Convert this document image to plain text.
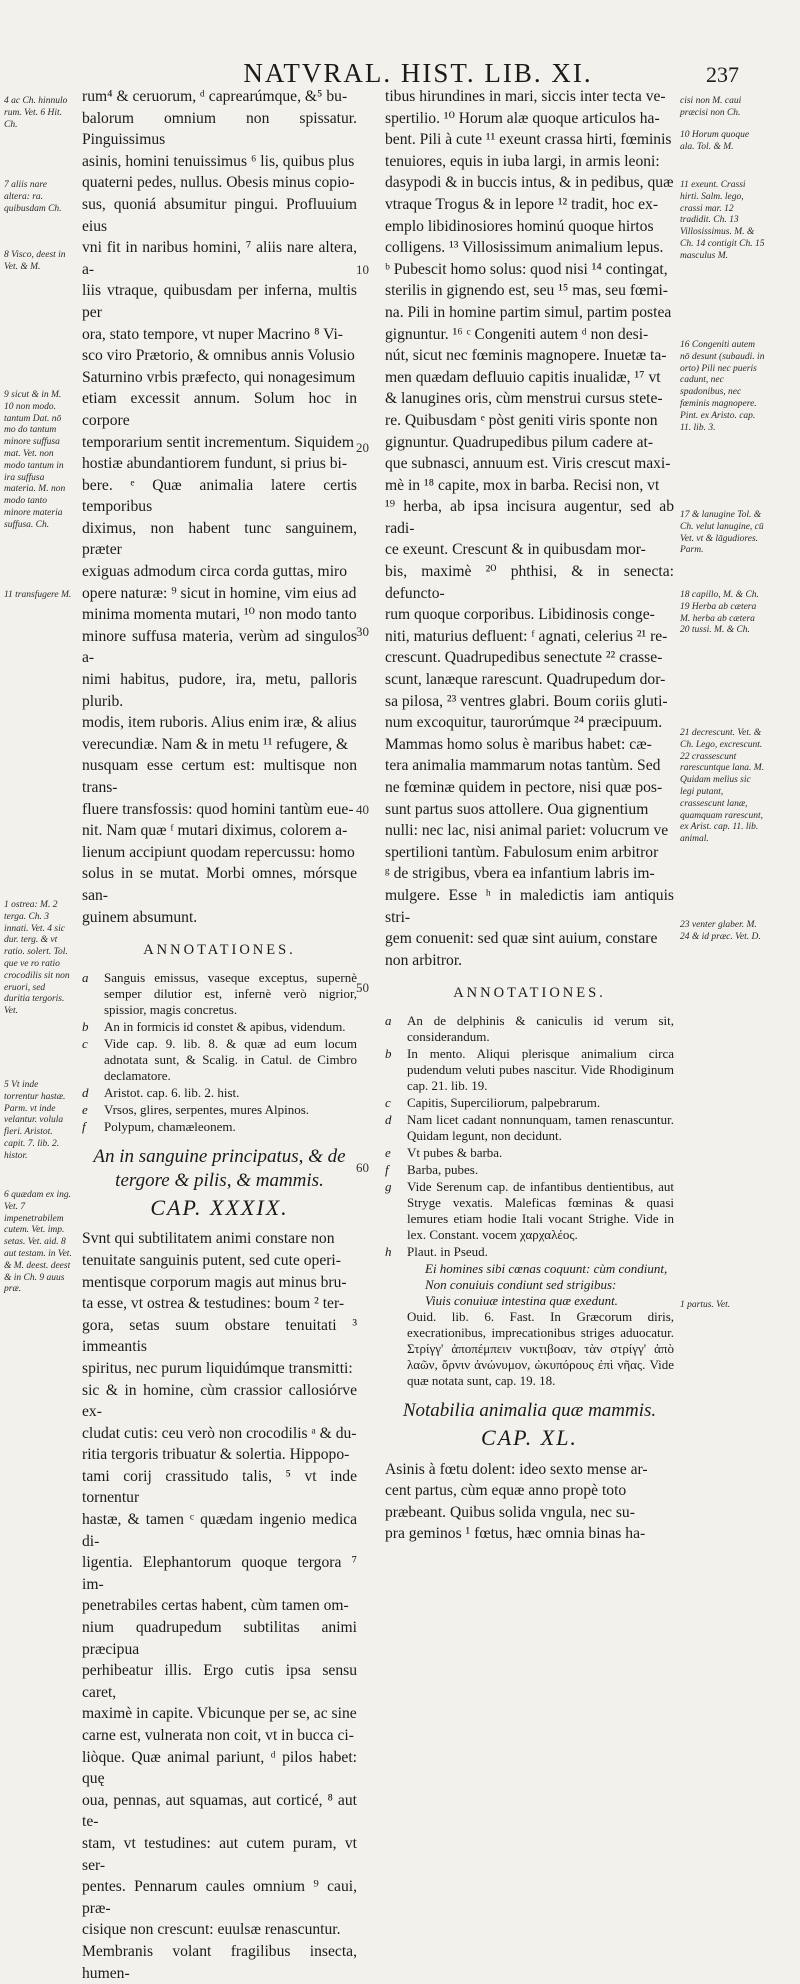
NATVRAL. HIST. LIB. XI.	237
10
20
30
40
50
60
4 ac Ch. hinnulo rum. Vet. 6 Hit. Ch.
7 aliis nare altera: ra. quibusdam Ch.
8 Visco, deest in Vet. & M.
9 sicut & in M. 10 non modo. tantum Dat. nō mo do tantum minore suffusa mat. Vet. non modo tantum in ira suffusa materia. M. non modo tanto minore materia suffusa. Ch.
11 transfugere M.
1 ostrea: M. 2 terga. Ch. 3 innati. Vet. 4 sic dur. terg. & vt ratio. solert. Tol. que ve ro ratio crocodilis sit non eruori, sed duritia tergoris. Vet.
5 Vt inde torrentur hastæ. Parm. vt inde velantur. volula fieri. Aristot. capit. 7. lib. 2. histor.
6 quædam ex ing. Vet. 7 impenetrabilem cutem. Vet. imp. setas. Vet. aid. 8 aut testam. in Vet. & M. deest. deest & in Ch. 9 auus præ.
cisi non M. caui præcisi non Ch.
10 Horum quoque ala. Tol. & M.
11 exeunt. Crassi hirti. Salm. lego, crassi mar. 12 tradidit. Ch. 13 Villosissimus. M. & Ch. 14 contigit Ch. 15 masculus M.
16 Congeniti autem nō desunt (subaudi. in orto) Pili nec pueris cadunt, nec spadonibus, nec fœminis magnopere. Pint. ex Aristo. cap. 11. lib. 3.
17 & lanugine Tol. & Ch. velut lanugine, cū Vet. vt & lāgudiores. Parm.
18 capillo, M. & Ch. 19 Herba ab cætera M. herba ab cætera 20 tussi. M. & Ch.
21 decrescunt. Vet. & Ch. Lego, excrescunt. 22 crassescunt rarescuntque lana. M. Quidam melius sic legi putant, crassescunt lanæ, quamquam rarescunt, ex Arist. cap. 11. lib. animal.
23 venter glaber. M. 24 & id præc. Vet. D.
1 partus. Vet.

rum⁴ & ceruorum, ᵈ caprearúmque, &⁵ bu-

balorum omnium non spissatur. Pinguissimus

asinis, homini tenuissimus ⁶ lis, quibus plus

quaterni pedes, nullus. Obesis minus copio-

sus, quoniá absumitur pingui. Profluuium eius

vni fit in naribus homini, ⁷ aliis nare altera, a-

liis vtraque, quibusdam per inferna, multis per

ora, stato tempore, vt nuper Macrino ⁸ Vi-

sco viro Prætorio, & omnibus annis Volusio

Saturnino vrbis præfecto, qui nonagesimum

etiam excessit annum. Solum hoc in corpore

temporarium sentit incrementum. Siquidem

hostiæ abundantiorem fundunt, si prius bi-

bere. ᵉ Quæ animalia latere certis temporibus

diximus, non habent tunc sanguinem, præter

exiguas admodum circa corda guttas, miro

opere naturæ: ⁹ sicut in homine, vim eius ad

minima momenta mutari, ¹⁰ non modo tanto

minore suffusa materia, verùm ad singulos a-

nimi habitus, pudore, ira, metu, palloris plurib.

modis, item ruboris. Alius enim iræ, & alius

verecundiæ. Nam & in metu ¹¹ refugere, &

nusquam esse certum est: multisque non trans-

fluere transfossis: quod homini tantùm eue-

nit. Nam quæ ᶠ mutari diximus, colorem a-

lienum accipiunt quodam repercussu: homo

solus in se mutat. Morbi omnes, mórsque san-

guinem absumunt.

ANNOTATIONES.
a	Sanguis emissus, vaseque exceptus, supernè semper dilutior est, infernè verò nigrior, spissior, magis concretus.
b	An in formicis id constet & apibus, videndum.
c	Vide cap. 9. lib. 8. & quæ ad eum locum adnotata sunt, & Scalig. in Catul. de Cimbro declamatore.
d	Aristot. cap. 6. lib. 2. hist.
e	Vrsos, glires, serpentes, mures Alpinos.
f	Polypum, chamæleonem.
An in sanguine principatus, & de tergore & pilis, & mammis.
CAP. XXXIX.

Svnt qui subtilitatem animi constare non

tenuitate sanguinis putent, sed cute operi-

mentisque corporum magis aut minus bru-

ta esse, vt ostrea & testudines: boum ² ter-

gora, setas suum obstare tenuitati ³ immeantis

spiritus, nec purum liquidúmque transmitti:

sic & in homine, cùm crassior callosiórve ex-

cludat cutis: ceu verò non crocodilis ᵃ & du-

ritia tergoris tribuatur & solertia. Hippopo-

tami corij crassitudo talis, ⁵ vt inde tornentur

hastæ, & tamen ᶜ quædam ingenio medica di-

ligentia. Elephantorum quoque tergora ⁷ im-

penetrabiles certas habent, cùm tamen om-

nium quadrupedum subtilitas animi præcipua

perhibeatur illis. Ergo cutis ipsa sensu caret,

maximè in capite. Vbicunque per se, ac sine

carne est, vulnerata non coit, vt in bucca ci-

liòque. Quæ animal pariunt, ᵈ pilos habet: quę

oua, pennas, aut squamas, aut corticé, ⁸ aut te-

stam, vt testudines: aut cutem puram, vt ser-

pentes. Pennarum caules omnium ⁹ caui, præ-

cisique non crescunt: euulsæ renascuntur.

Membranis volant fragilibus insecta, humen-

tibus hirundines in mari, siccis inter tecta ve-

spertilio. ¹⁰ Horum alæ quoque articulos ha-

bent. Pili à cute ¹¹ exeunt crassa hirti, fœminis

tenuiores, equis in iuba largi, in armis leoni:

dasypodi & in buccis intus, & in pedibus, quæ

vtraque Trogus & in lepore ¹² tradit, hoc ex-

emplo libidinosiores hominú quoque hirtos

colligens. ¹³ Villosissimum animalium lepus.

ᵇ Pubescit homo solus: quod nisi ¹⁴ contingat,

sterilis in gignendo est, seu ¹⁵ mas, seu fœmi-

na. Pili in homine partim simul, partim postea

gignuntur. ¹⁶ ᶜ Congeniti autem ᵈ non desi-

nút, sicut nec fœminis magnopere. Inuetæ ta-

men quædam defluuio capitis inualidæ, ¹⁷ vt

& lanugines oris, cùm menstrui cursus stete-

re. Quibusdam ᵉ pòst geniti viris sponte non

gignuntur. Quadrupedibus pilum cadere at-

que subnasci, annuum est. Viris crescut maxi-

mè in ¹⁸ capite, mox in barba. Recisi non, vt

¹⁹ herba, ab ipsa incisura augentur, sed ab radi-

ce exeunt. Crescunt & in quibusdam mor-

bis, maximè ²⁰ phthisi, & in senecta: defuncto-

rum quoque corporibus. Libidinosis conge-

niti, maturius defluent: ᶠ agnati, celerius ²¹ re-

crescunt. Quadrupedibus senectute ²² crasse-

scunt, lanæque rarescunt. Quadrupedum dor-

sa pilosa, ²³ ventres glabri. Boum coriis gluti-

num excoquitur, taurorúmque ²⁴ præcipuum.

Mammas homo solus è maribus habet: cæ-

tera animalia mammarum notas tantùm. Sed

ne fœminæ quidem in pectore, nisi quæ pos-

sunt partus suos attollere. Oua gignentium

nulli: nec lac, nisi animal pariet: volucrum ve

spertilioni tantùm. Fabulosum enim arbitror

ᵍ de strigibus, vbera ea infantium labris im-

mulgere. Esse ʰ in maledictis iam antiquis stri-

gem conuenit: sed quæ sint auium, constare

non arbitror.

ANNOTATIONES.
a	An de delphinis & caniculis id verum sit, considerandum.
b	In mento. Aliqui plerisque animalium circa pudendum veluti pubes nascitur. Vide Rhodiginum cap. 21. lib. 19.
c	Capitis, Superciliorum, palpebrarum.
d	Nam licet cadant nonnunquam, tamen renascuntur. Quidam legunt, non decidunt.
e	Vt pubes & barba.
f	Barba, pubes.
g	Vide Serenum cap. de infantibus dentientibus, aut Stryge vexatis. Maleficas fœminas & quasi lemures etiam hodie Itali vocant Strighe. Vide in lex. Constant. vocem χαρχαλέος.
h	Plaut. in Pseud.
Ei homines sibi cœnas coquunt: cùm condiunt,
Non conuiuis condiunt sed strigibus:
Viuis conuiuæ intestina quæ exedunt.
Ouid. lib. 6. Fast. In Græcorum diris, execrationibus, imprecationibus striges aduocatur. Στρίγγ' ἀποπέμπειν νυκτιβοαν, τὰν στρίγγ' ἀπὸ λαῶν, ὄρνιν ἀνώνυμον, ὠκυπόρους ἐπὶ νῆας. Vide quæ notata sunt, cap. 19. 18.
Notabilia animalia quæ mammis.
CAP. XL.

Asinis à fœtu dolent: ideo sexto mense ar-

cent partus, cùm equæ anno propè toto

præbeant. Quibus solida vngula, nec su-

pra geminos ¹ fœtus, hæc omnia binas ha-
